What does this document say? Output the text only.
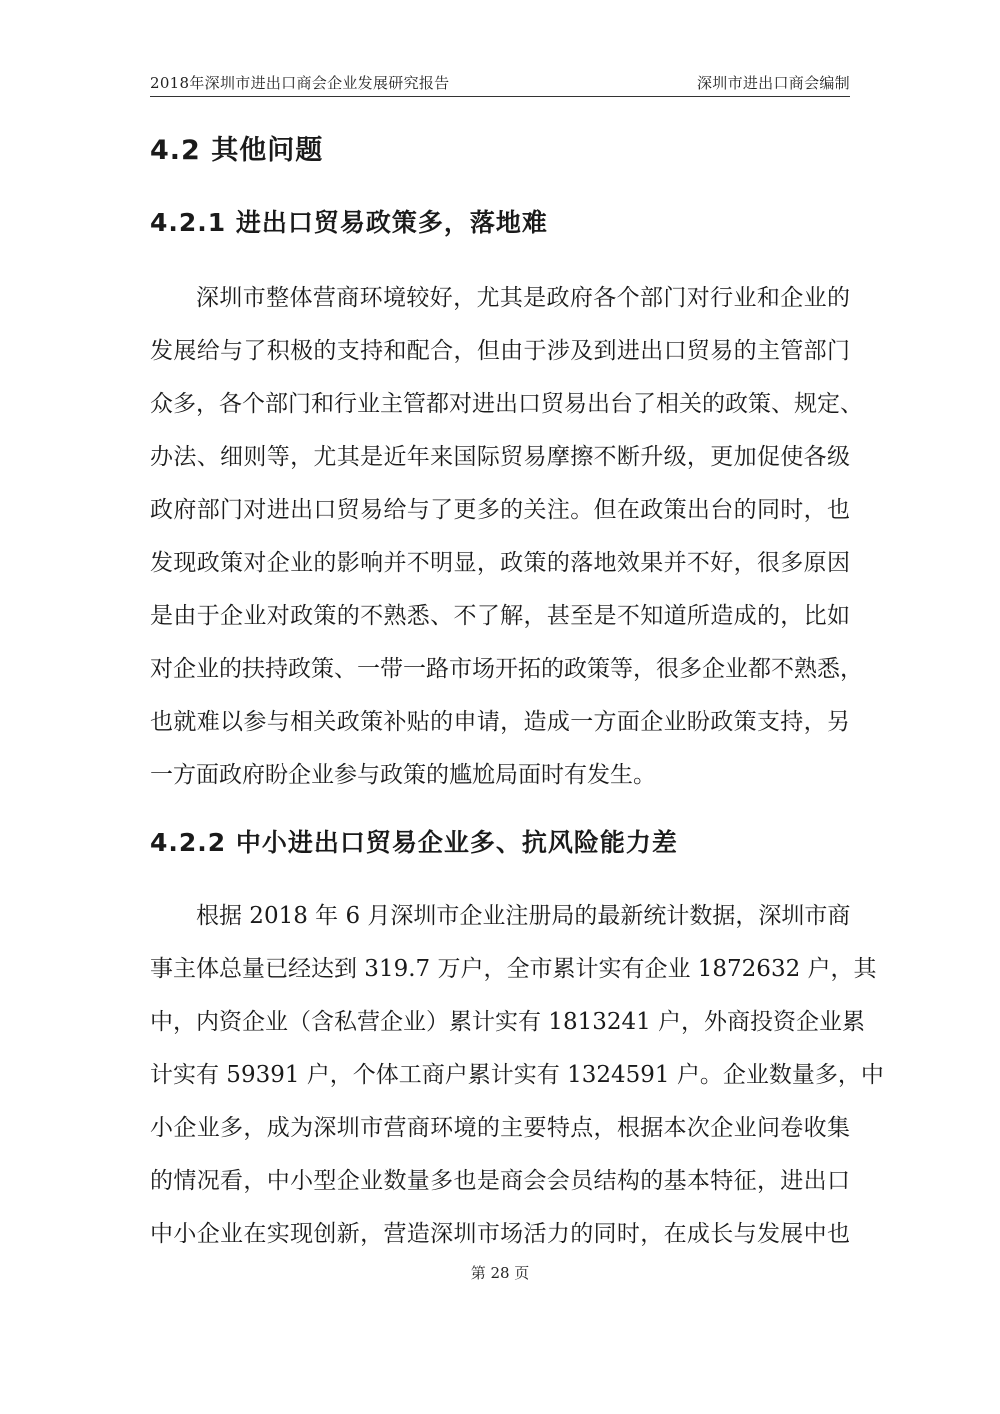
2018年深圳市进出口商会企业发展研究报告	深圳市进出口商会编制
4.2 其他问题
4.2.1 进出口贸易政策多，落地难
深圳市整体营商环境较好，尤其是政府各个部门对行业和企业的
发展给与了积极的支持和配合，但由于涉及到进出口贸易的主管部门
众多，各个部门和行业主管都对进出口贸易出台了相关的政策、规定、
办法、细则等，尤其是近年来国际贸易摩擦不断升级，更加促使各级
政府部门对进出口贸易给与了更多的关注。但在政策出台的同时，也
发现政策对企业的影响并不明显，政策的落地效果并不好，很多原因
是由于企业对政策的不熟悉、不了解，甚至是不知道所造成的，比如
对企业的扶持政策、一带一路市场开拓的政策等，很多企业都不熟悉，
也就难以参与相关政策补贴的申请，造成一方面企业盼政策支持，另
一方面政府盼企业参与政策的尴尬局面时有发生。
4.2.2 中小进出口贸易企业多、抗风险能力差
根据 2018 年 6 月深圳市企业注册局的最新统计数据，深圳市商
事主体总量已经达到 319.7 万户，全市累计实有企业 1872632 户，其
中，内资企业（含私营企业）累计实有 1813241 户，外商投资企业累
计实有 59391 户，个体工商户累计实有 1324591 户。企业数量多，中
小企业多，成为深圳市营商环境的主要特点，根据本次企业问卷收集
的情况看，中小型企业数量多也是商会会员结构的基本特征，进出口
中小企业在实现创新，营造深圳市场活力的同时，在成长与发展中也
第 28 页
